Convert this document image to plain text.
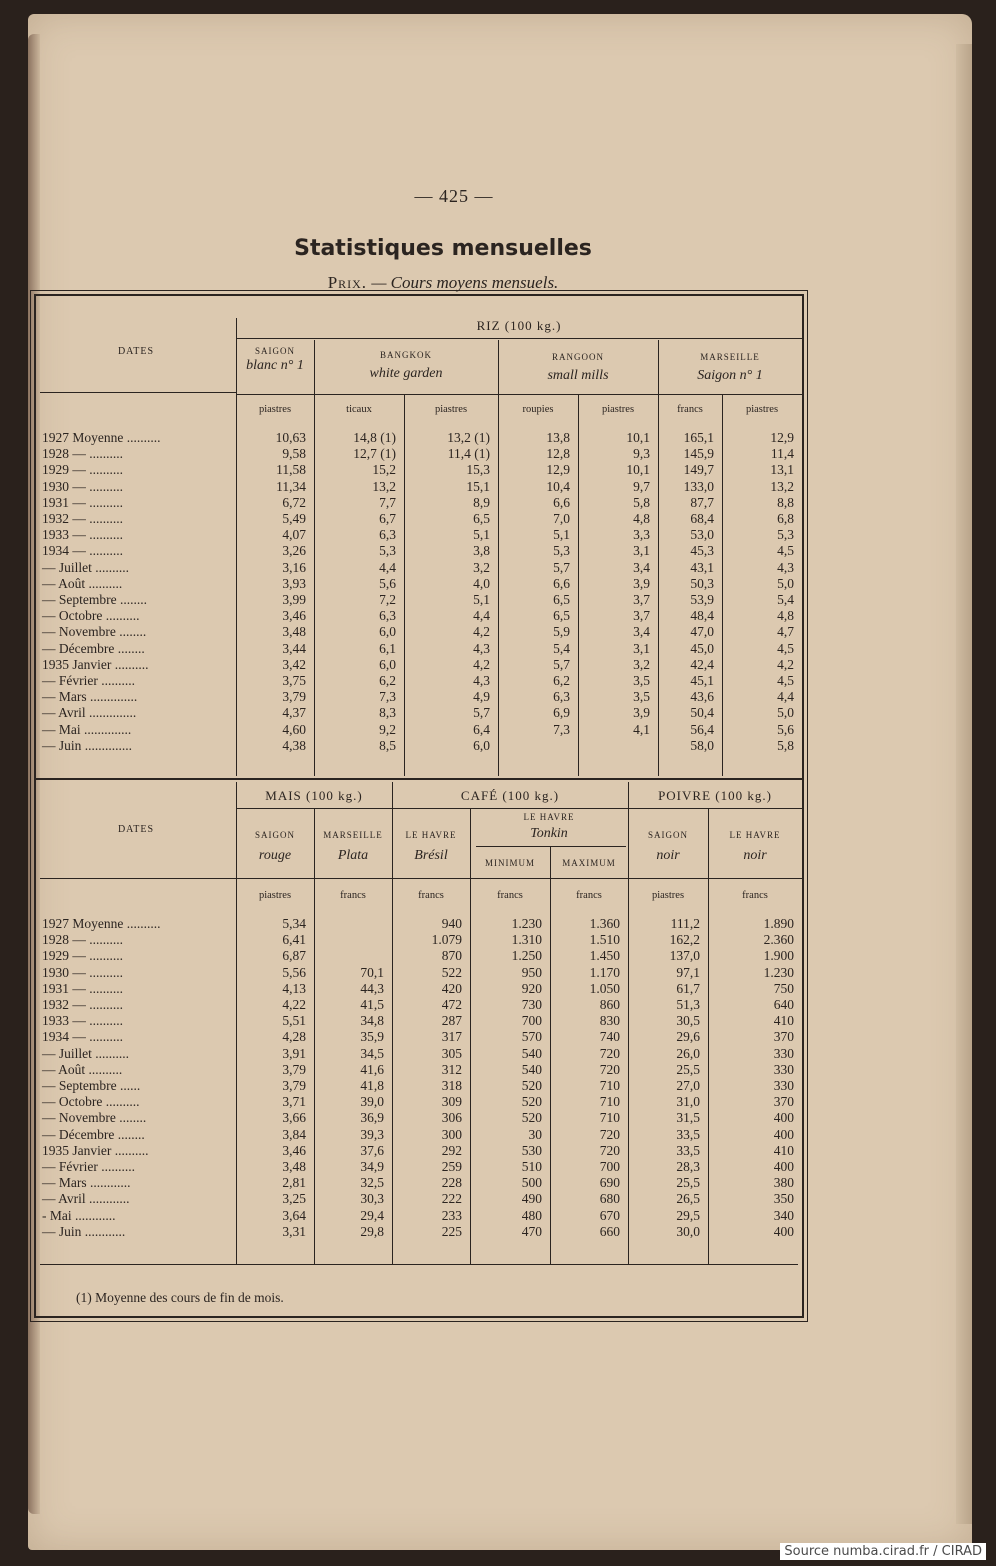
— 425 —
Statistiques mensuelles
Prix. — Cours moyens mensuels.
DATES
RIZ (100 kg.)
SAIGON
blanc n° 1
BANGKOK
white garden
RANGOON
small mills
MARSEILLE
Saigon n° 1
piastres	ticaux	piastres	roupies	piastres	francs	piastres
1927 Moyenne ..........	10,63	14,8 (1)	13,2 (1)	13,8	10,1	165,1	12,9
1928 — ..........	9,58	12,7 (1)	11,4 (1)	12,8	9,3	145,9	11,4
1929 — ..........	11,58	15,2	15,3	12,9	10,1	149,7	13,1
1930 — ..........	11,34	13,2	15,1	10,4	9,7	133,0	13,2
1931 — ..........	6,72	7,7	8,9	6,6	5,8	87,7	8,8
1932 — ..........	5,49	6,7	6,5	7,0	4,8	68,4	6,8
1933 — ..........	4,07	6,3	5,1	5,1	3,3	53,0	5,3
1934 — ..........	3,26	5,3	3,8	5,3	3,1	45,3	4,5
— Juillet ..........	3,16	4,4	3,2	5,7	3,4	43,1	4,3
— Août ..........	3,93	5,6	4,0	6,6	3,9	50,3	5,0
— Septembre ........	3,99	7,2	5,1	6,5	3,7	53,9	5,4
— Octobre ..........	3,46	6,3	4,4	6,5	3,7	48,4	4,8
— Novembre ........	3,48	6,0	4,2	5,9	3,4	47,0	4,7
— Décembre ........	3,44	6,1	4,3	5,4	3,1	45,0	4,5
1935 Janvier ..........	3,42	6,0	4,2	5,7	3,2	42,4	4,2
— Février ..........	3,75	6,2	4,3	6,2	3,5	45,1	4,5
— Mars ..............	3,79	7,3	4,9	6,3	3,5	43,6	4,4
— Avril ..............	4,37	8,3	5,7	6,9	3,9	50,4	5,0
— Mai ..............	4,60	9,2	6,4	7,3	4,1	56,4	5,6
— Juin ..............	4,38	8,5	6,0			58,0	5,8
DATES
MAIS (100 kg.)	CAFÉ (100 kg.)	POIVRE (100 kg.)
SAIGON
rouge
MARSEILLE
Plata
LE HAVRE
Brésil
LE HAVRE
Tonkin
MINIMUM	MAXIMUM
SAIGON
noir
LE HAVRE
noir
piastres	francs	francs	francs	francs	piastres	francs
1927 Moyenne ..........	5,34		940	1.230	1.360	111,2	1.890
1928 — ..........	6,41		1.079	1.310	1.510	162,2	2.360
1929 — ..........	6,87		870	1.250	1.450	137,0	1.900
1930 — ..........	5,56	70,1	522	950	1.170	97,1	1.230
1931 — ..........	4,13	44,3	420	920	1.050	61,7	750
1932 — ..........	4,22	41,5	472	730	860	51,3	640
1933 — ..........	5,51	34,8	287	700	830	30,5	410
1934 — ..........	4,28	35,9	317	570	740	29,6	370
— Juillet ..........	3,91	34,5	305	540	720	26,0	330
— Août ..........	3,79	41,6	312	540	720	25,5	330
— Septembre ......	3,79	41,8	318	520	710	27,0	330
— Octobre ..........	3,71	39,0	309	520	710	31,0	370
— Novembre ........	3,66	36,9	306	520	710	31,5	400
— Décembre ........	3,84	39,3	300	30	720	33,5	400
1935 Janvier ..........	3,46	37,6	292	530	720	33,5	410
— Février ..........	3,48	34,9	259	510	700	28,3	400
— Mars ............	2,81	32,5	228	500	690	25,5	380
— Avril ............	3,25	30,3	222	490	680	26,5	350
- Mai ............	3,64	29,4	233	480	670	29,5	340
— Juin ............	3,31	29,8	225	470	660	30,0	400
(1) Moyenne des cours de fin de mois.
Source numba.cirad.fr / CIRAD
